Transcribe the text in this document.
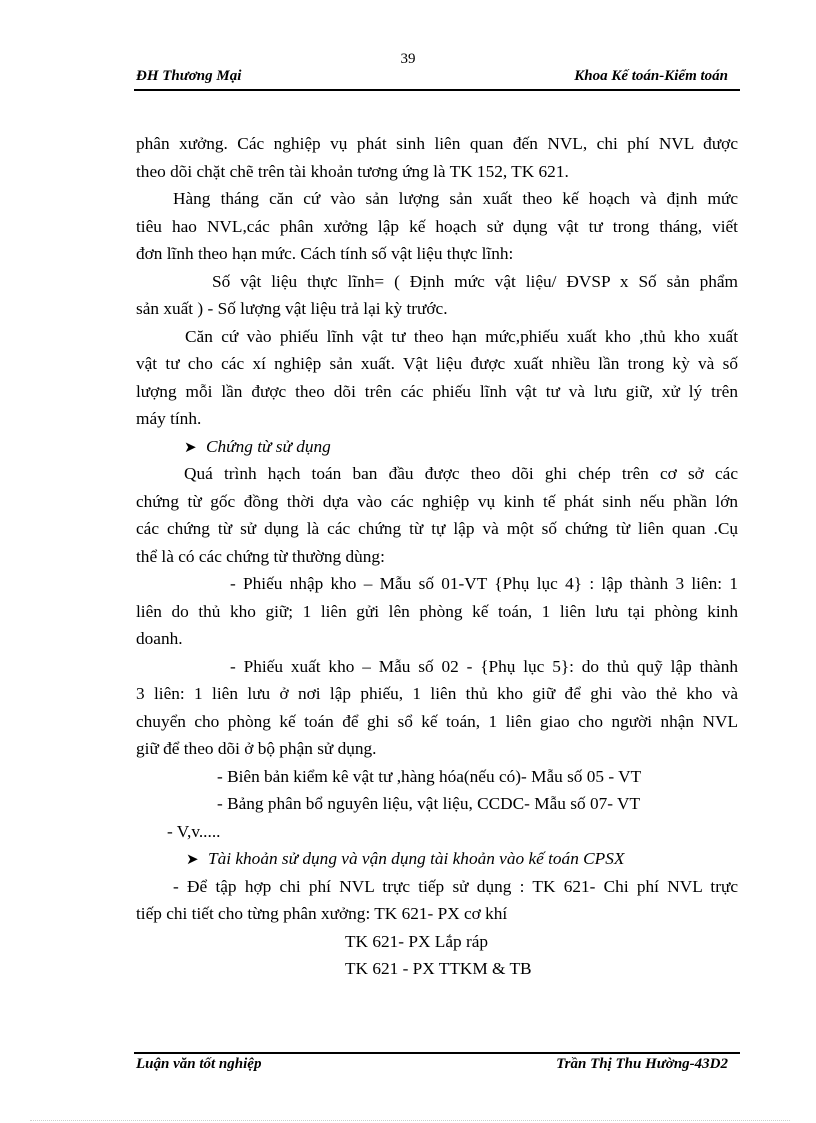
39
ĐH Thương Mại	Khoa Kế toán-Kiểm toán
phân xưởng. Các nghiệp vụ phát sinh liên quan đến NVL, chi phí NVL được
theo dõi chặt chẽ trên tài khoản tương ứng là TK 152, TK 621.
Hàng tháng căn cứ vào sản lượng sản xuất theo kế hoạch và định mức
tiêu hao NVL,các phân xưởng lập kế hoạch sử dụng vật tư trong tháng, viết
đơn lĩnh theo hạn mức. Cách tính số vật liệu thực lĩnh:
Số vật liệu thực lĩnh= ( Định mức vật liệu/ ĐVSP x Số sản phẩm
sản xuất ) - Số lượng vật liệu trả lại kỳ trước.
Căn cứ vào phiếu lĩnh vật tư theo hạn mức,phiếu xuất kho ,thủ kho xuất
vật tư cho các xí nghiệp sản xuất. Vật liệu được xuất nhiều lần trong kỳ và số
lượng mỗi lần được theo dõi trên các phiếu lĩnh vật tư và lưu giữ, xử lý trên
máy tính.
➤ Chứng từ sử dụng
Quá trình hạch toán ban đầu được theo dõi ghi chép trên cơ sở các
chứng từ gốc đồng thời dựa vào các nghiệp vụ kinh tế phát sinh nếu phần lớn
các chứng từ sử dụng là các chứng từ tự lập và một số chứng từ liên quan .Cụ
thể là có các chứng từ thường dùng:
- Phiếu nhập kho – Mẫu số 01-VT {Phụ lục 4} : lập thành 3 liên: 1
liên do thủ kho giữ; 1 liên gửi lên phòng kế toán, 1 liên lưu tại phòng kinh
doanh.
- Phiếu xuất kho – Mẫu số 02 - {Phụ lục 5}: do thủ quỹ lập thành
3 liên: 1 liên lưu ở nơi lập phiếu, 1 liên thủ kho giữ để ghi vào thẻ kho và
chuyển cho phòng kế toán để ghi sổ kế toán, 1 liên giao cho người nhận NVL
giữ để theo dõi ở bộ phận sử dụng.
- Biên bản kiểm kê vật tư ,hàng hóa(nếu có)- Mẫu số 05 - VT
- Bảng phân bổ nguyên liệu, vật liệu, CCDC- Mẫu số 07- VT
- V,v.....
➤ Tài khoản sử dụng và vận dụng tài khoản vào kế toán CPSX
- Để tập hợp chi phí NVL trực tiếp sử dụng : TK 621- Chi phí NVL trực
tiếp chi tiết cho từng phân xưởng: TK 621- PX cơ khí
TK 621- PX Lắp ráp
TK 621 - PX TTKM & TB
Luận văn tốt nghiệp	Trần Thị Thu Hường-43D2
